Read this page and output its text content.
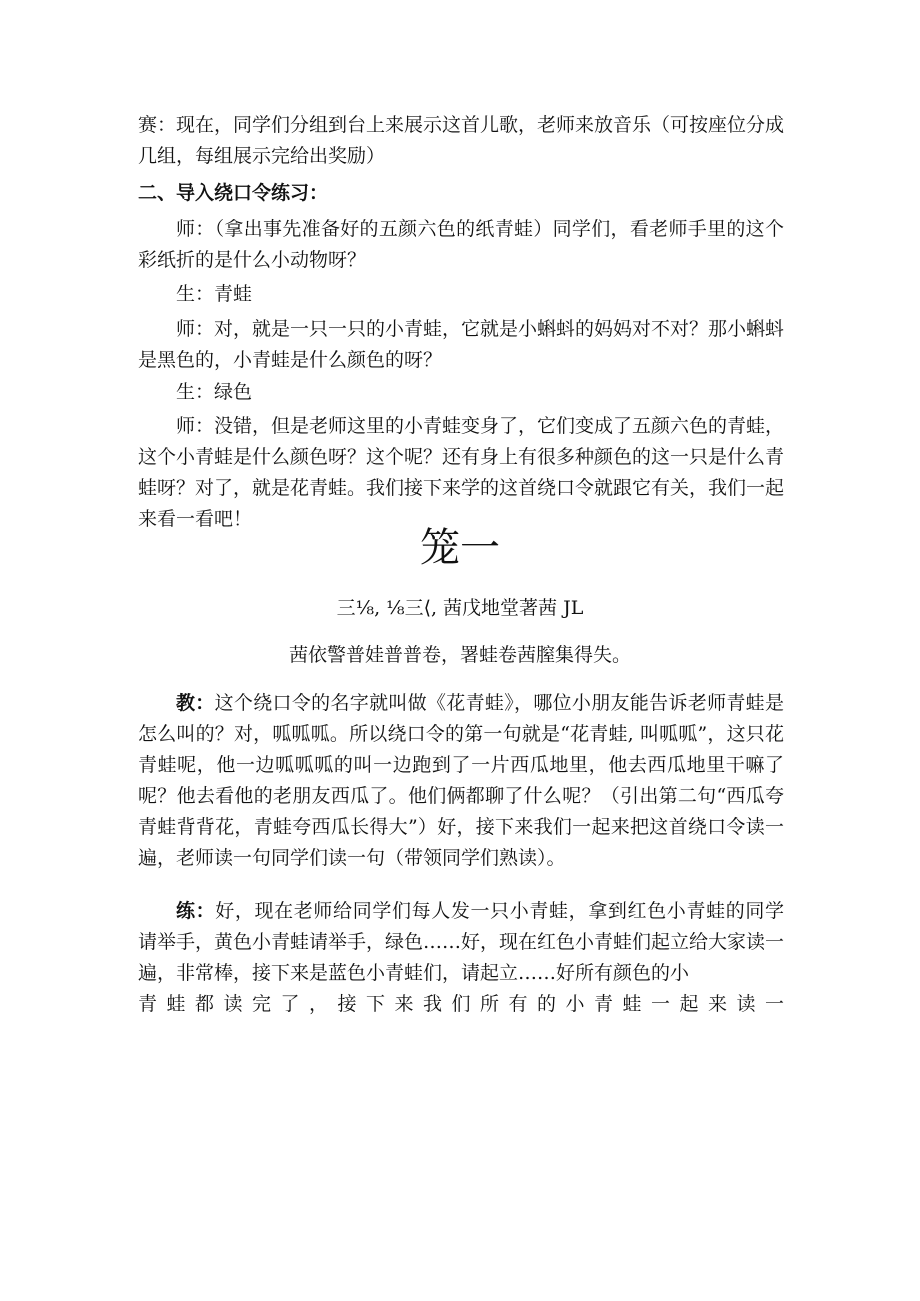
赛：现在，同学们分组到台上来展示这首儿歌，老师来放音乐（可按座位分成几组，每组展示完给出奖励）

二、导入绕口令练习：

师：（拿出事先准备好的五颜六色的纸青蛙）同学们，看老师手里的这个彩纸折的是什么小动物呀？

生：青蛙

师：对，就是一只一只的小青蛙，它就是小蝌蚪的妈妈对不对？那小蝌蚪是黑色的，小青蛙是什么颜色的呀？

生：绿色

师：没错，但是老师这里的小青蛙变身了，它们变成了五颜六色的青蛙，这个小青蛙是什么颜色呀？这个呢？还有身上有很多种颜色的这一只是什么青蛙呀？对了，就是花青蛙。我们接下来学的这首绕口令就跟它有关，我们一起来看一看吧！

笼一

三⅛, ⅛三⟨, 茜戊地堂著茜 JL

茜依警普娃普普卷，署蛙卷茜膣集得失。

教：这个绕口令的名字就叫做《花青蛙》，哪位小朋友能告诉老师青蛙是怎么叫的？对，呱呱呱。所以绕口令的第一句就是“花青蛙, 叫呱呱”，这只花青蛙呢，他一边呱呱呱的叫一边跑到了一片西瓜地里，他去西瓜地里干嘛了呢？他去看他的老朋友西瓜了。他们俩都聊了什么呢？（引出第二句“西瓜夸青蛙背背花，青蛙夸西瓜长得大”）好，接下来我们一起来把这首绕口令读一遍，老师读一句同学们读一句（带领同学们熟读）。

练：好，现在老师给同学们每人发一只小青蛙，拿到红色小青蛙的同学请举手，黄色小青蛙请举手，绿色……好，现在红色小青蛙们起立给大家读一遍，非常棒，接下来是蓝色小青蛙们，请起立……好所有颜色的小

青蛙都读完了，接下来我们所有的小青蛙一起来读一
